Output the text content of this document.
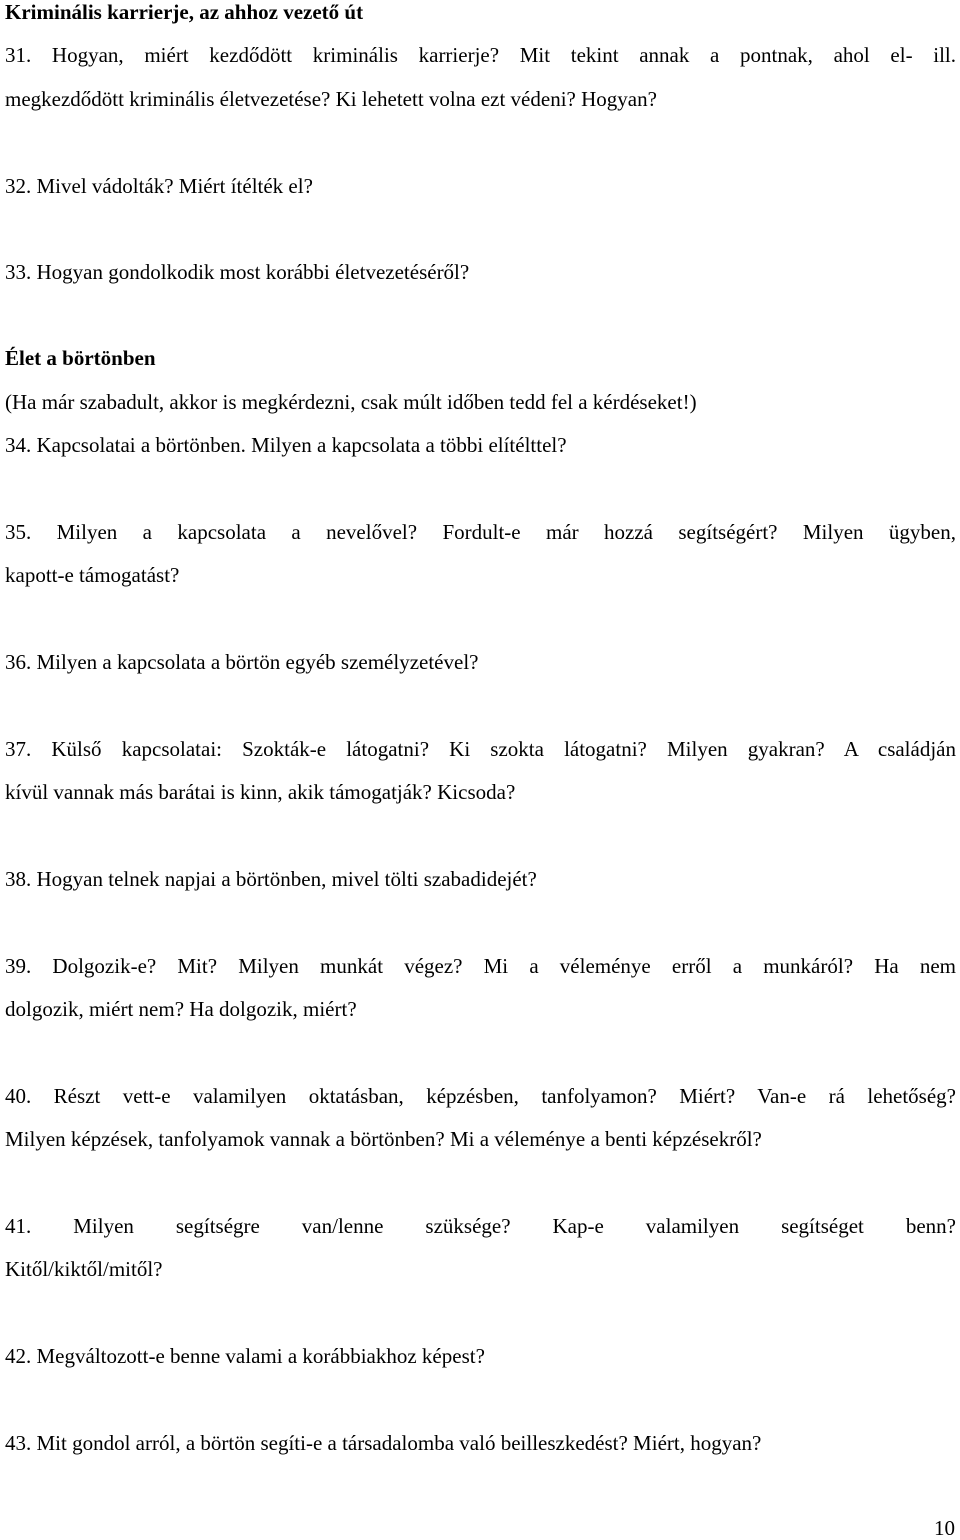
Kriminális karrierje, az ahhoz vezető út
31. Hogyan, miért kezdődött kriminális karrierje? Mit tekint annak a pontnak, ahol el- ill.
megkezdődött kriminális életvezetése? Ki lehetett volna ezt védeni? Hogyan?
32. Mivel vádolták? Miért ítélték el?
33. Hogyan gondolkodik most korábbi életvezetéséről?
Élet a börtönben
(Ha már szabadult, akkor is megkérdezni, csak múlt időben tedd fel a kérdéseket!)
34. Kapcsolatai a börtönben. Milyen a kapcsolata a többi elítélttel?
35. Milyen a kapcsolata a nevelővel? Fordult-e már hozzá segítségért? Milyen ügyben,
kapott-e támogatást?
36. Milyen a kapcsolata a börtön egyéb személyzetével?
37. Külső kapcsolatai: Szokták-e látogatni? Ki szokta látogatni? Milyen gyakran? A családján
kívül vannak más barátai is kinn, akik támogatják? Kicsoda?
38. Hogyan telnek napjai a börtönben, mivel tölti szabadidejét?
39. Dolgozik-e? Mit? Milyen munkát végez? Mi a véleménye erről a munkáról? Ha nem
dolgozik, miért nem? Ha dolgozik, miért?
40. Részt vett-e valamilyen oktatásban, képzésben, tanfolyamon? Miért? Van-e rá lehetőség?
Milyen képzések, tanfolyamok vannak a börtönben? Mi a véleménye a benti képzésekről?
41. Milyen segítségre van/lenne szüksége? Kap-e valamilyen segítséget benn?
Kitől/kiktől/mitől?
42. Megváltozott-e benne valami a korábbiakhoz képest?
43. Mit gondol arról, a börtön segíti-e a társadalomba való beilleszkedést? Miért, hogyan?
10
